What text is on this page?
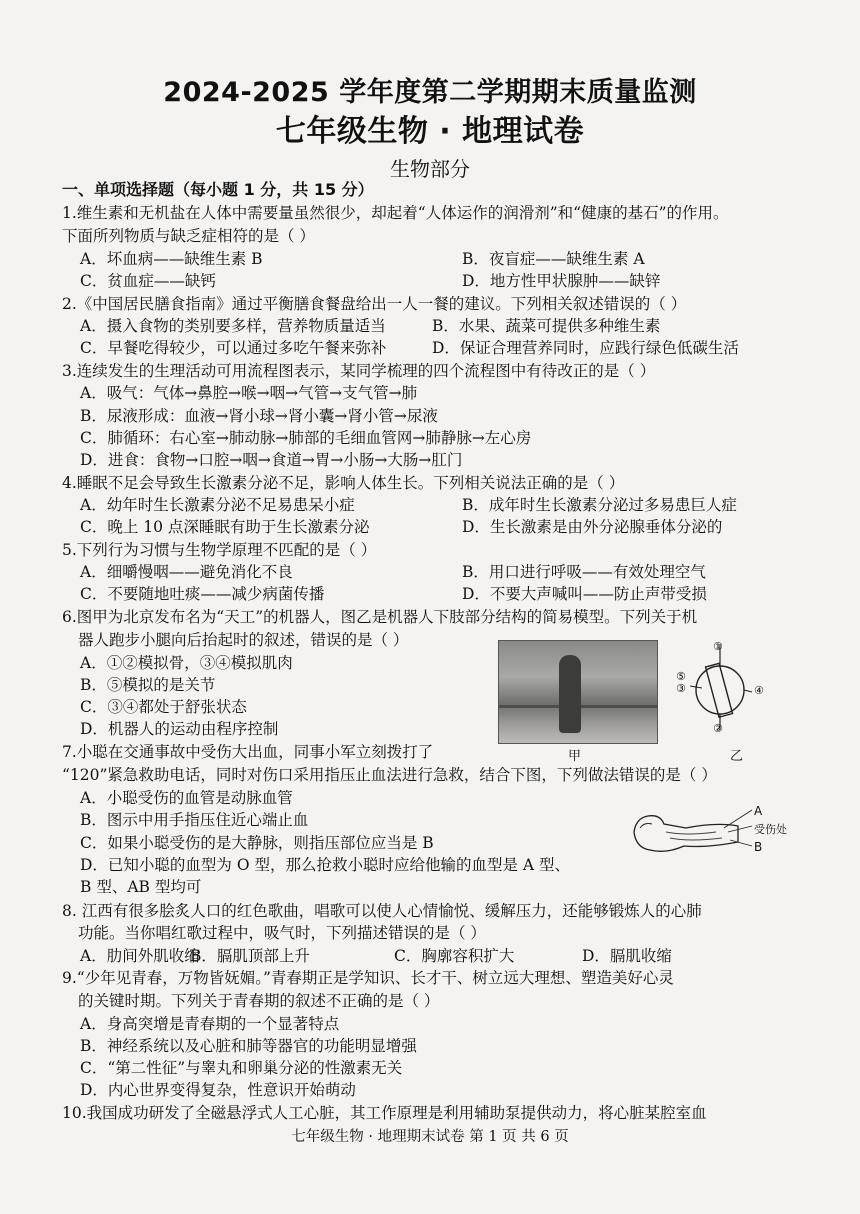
2024-2025 学年度第二学期期末质量监测
七年级生物 · 地理试卷
生物部分
一、单项选择题（每小题 1 分，共 15 分）
1.维生素和无机盐在人体中需要量虽然很少，却起着“人体运作的润滑剂”和“健康的基石”的作用。
下面所列物质与缺乏症相符的是（ ）
A．坏血病——缺维生素 B	B．夜盲症——缺维生素 A
C．贫血症——缺钙	D．地方性甲状腺肿——缺锌
2.《中国居民膳食指南》通过平衡膳食餐盘给出一人一餐的建议。下列相关叙述错误的（ ）
A．摄入食物的类别要多样，营养物质量适当	B．水果、蔬菜可提供多种维生素
C．早餐吃得较少，可以通过多吃午餐来弥补	D．保证合理营养同时，应践行绿色低碳生活
3.连续发生的生理活动可用流程图表示，某同学梳理的四个流程图中有待改正的是（ ）
A．吸气：气体→鼻腔→喉→咽→气管→支气管→肺
B．尿液形成：血液→肾小球→肾小囊→肾小管→尿液
C．肺循环：右心室→肺动脉→肺部的毛细血管网→肺静脉→左心房
D．进食：食物→口腔→咽→食道→胃→小肠→大肠→肛门
4.睡眠不足会导致生长激素分泌不足，影响人体生长。下列相关说法正确的是（ ）
A．幼年时生长激素分泌不足易患呆小症	B．成年时生长激素分泌过多易患巨人症
C．晚上 10 点深睡眠有助于生长激素分泌	D．生长激素是由外分泌腺垂体分泌的
5.下列行为习惯与生物学原理不匹配的是（ ）
A．细嚼慢咽——避免消化不良	B．用口进行呼吸——有效处理空气
C．不要随地吐痰——减少病菌传播	D．不要大声喊叫——防止声带受损
6.图甲为北京发布名为“天工”的机器人，图乙是机器人下肢部分结构的简易模型。下列关于机
器人跑步小腿向后抬起时的叙述，错误的是（ ）
A．①②模拟骨，③④模拟肌肉
B．⑤模拟的是关节
C．③④都处于舒张状态
D．机器人的运动由程序控制
甲
①
②
③	④
⑤
乙
7.小聪在交通事故中受伤大出血，同事小军立刻拨打了
“120”紧急救助电话，同时对伤口采用指压止血法进行急救，结合下图，下列做法错误的是（ ）
A．小聪受伤的血管是动脉血管
B．图示中用手指压住近心端止血
C．如果小聪受伤的是大静脉，则指压部位应当是 B
D．已知小聪的血型为 O 型，那么抢救小聪时应给他输的血型是 A 型、
B 型、AB 型均可
A
受伤处
B
8. 江西有很多脍炙人口的红色歌曲，唱歌可以使人心情愉悦、缓解压力，还能够锻炼人的心肺
功能。当你唱红歌过程中，吸气时，下列描述错误的是（ ）
A．肋间外肌收缩
B．膈肌顶部上升	C．胸廓容积扩大	D．膈肌收缩
9.“少年见青春，万物皆妩媚。”青春期正是学知识、长才干、树立远大理想、塑造美好心灵
的关键时期。下列关于青春期的叙述不正确的是（ ）
A．身高突增是青春期的一个显著特点
B．神经系统以及心脏和肺等器官的功能明显增强
C．“第二性征”与睾丸和卵巢分泌的性激素无关
D．内心世界变得复杂，性意识开始萌动
10.我国成功研发了全磁悬浮式人工心脏，其工作原理是利用辅助泵提供动力，将心脏某腔室血
七年级生物 · 地理期末试卷 第 1 页 共 6 页
